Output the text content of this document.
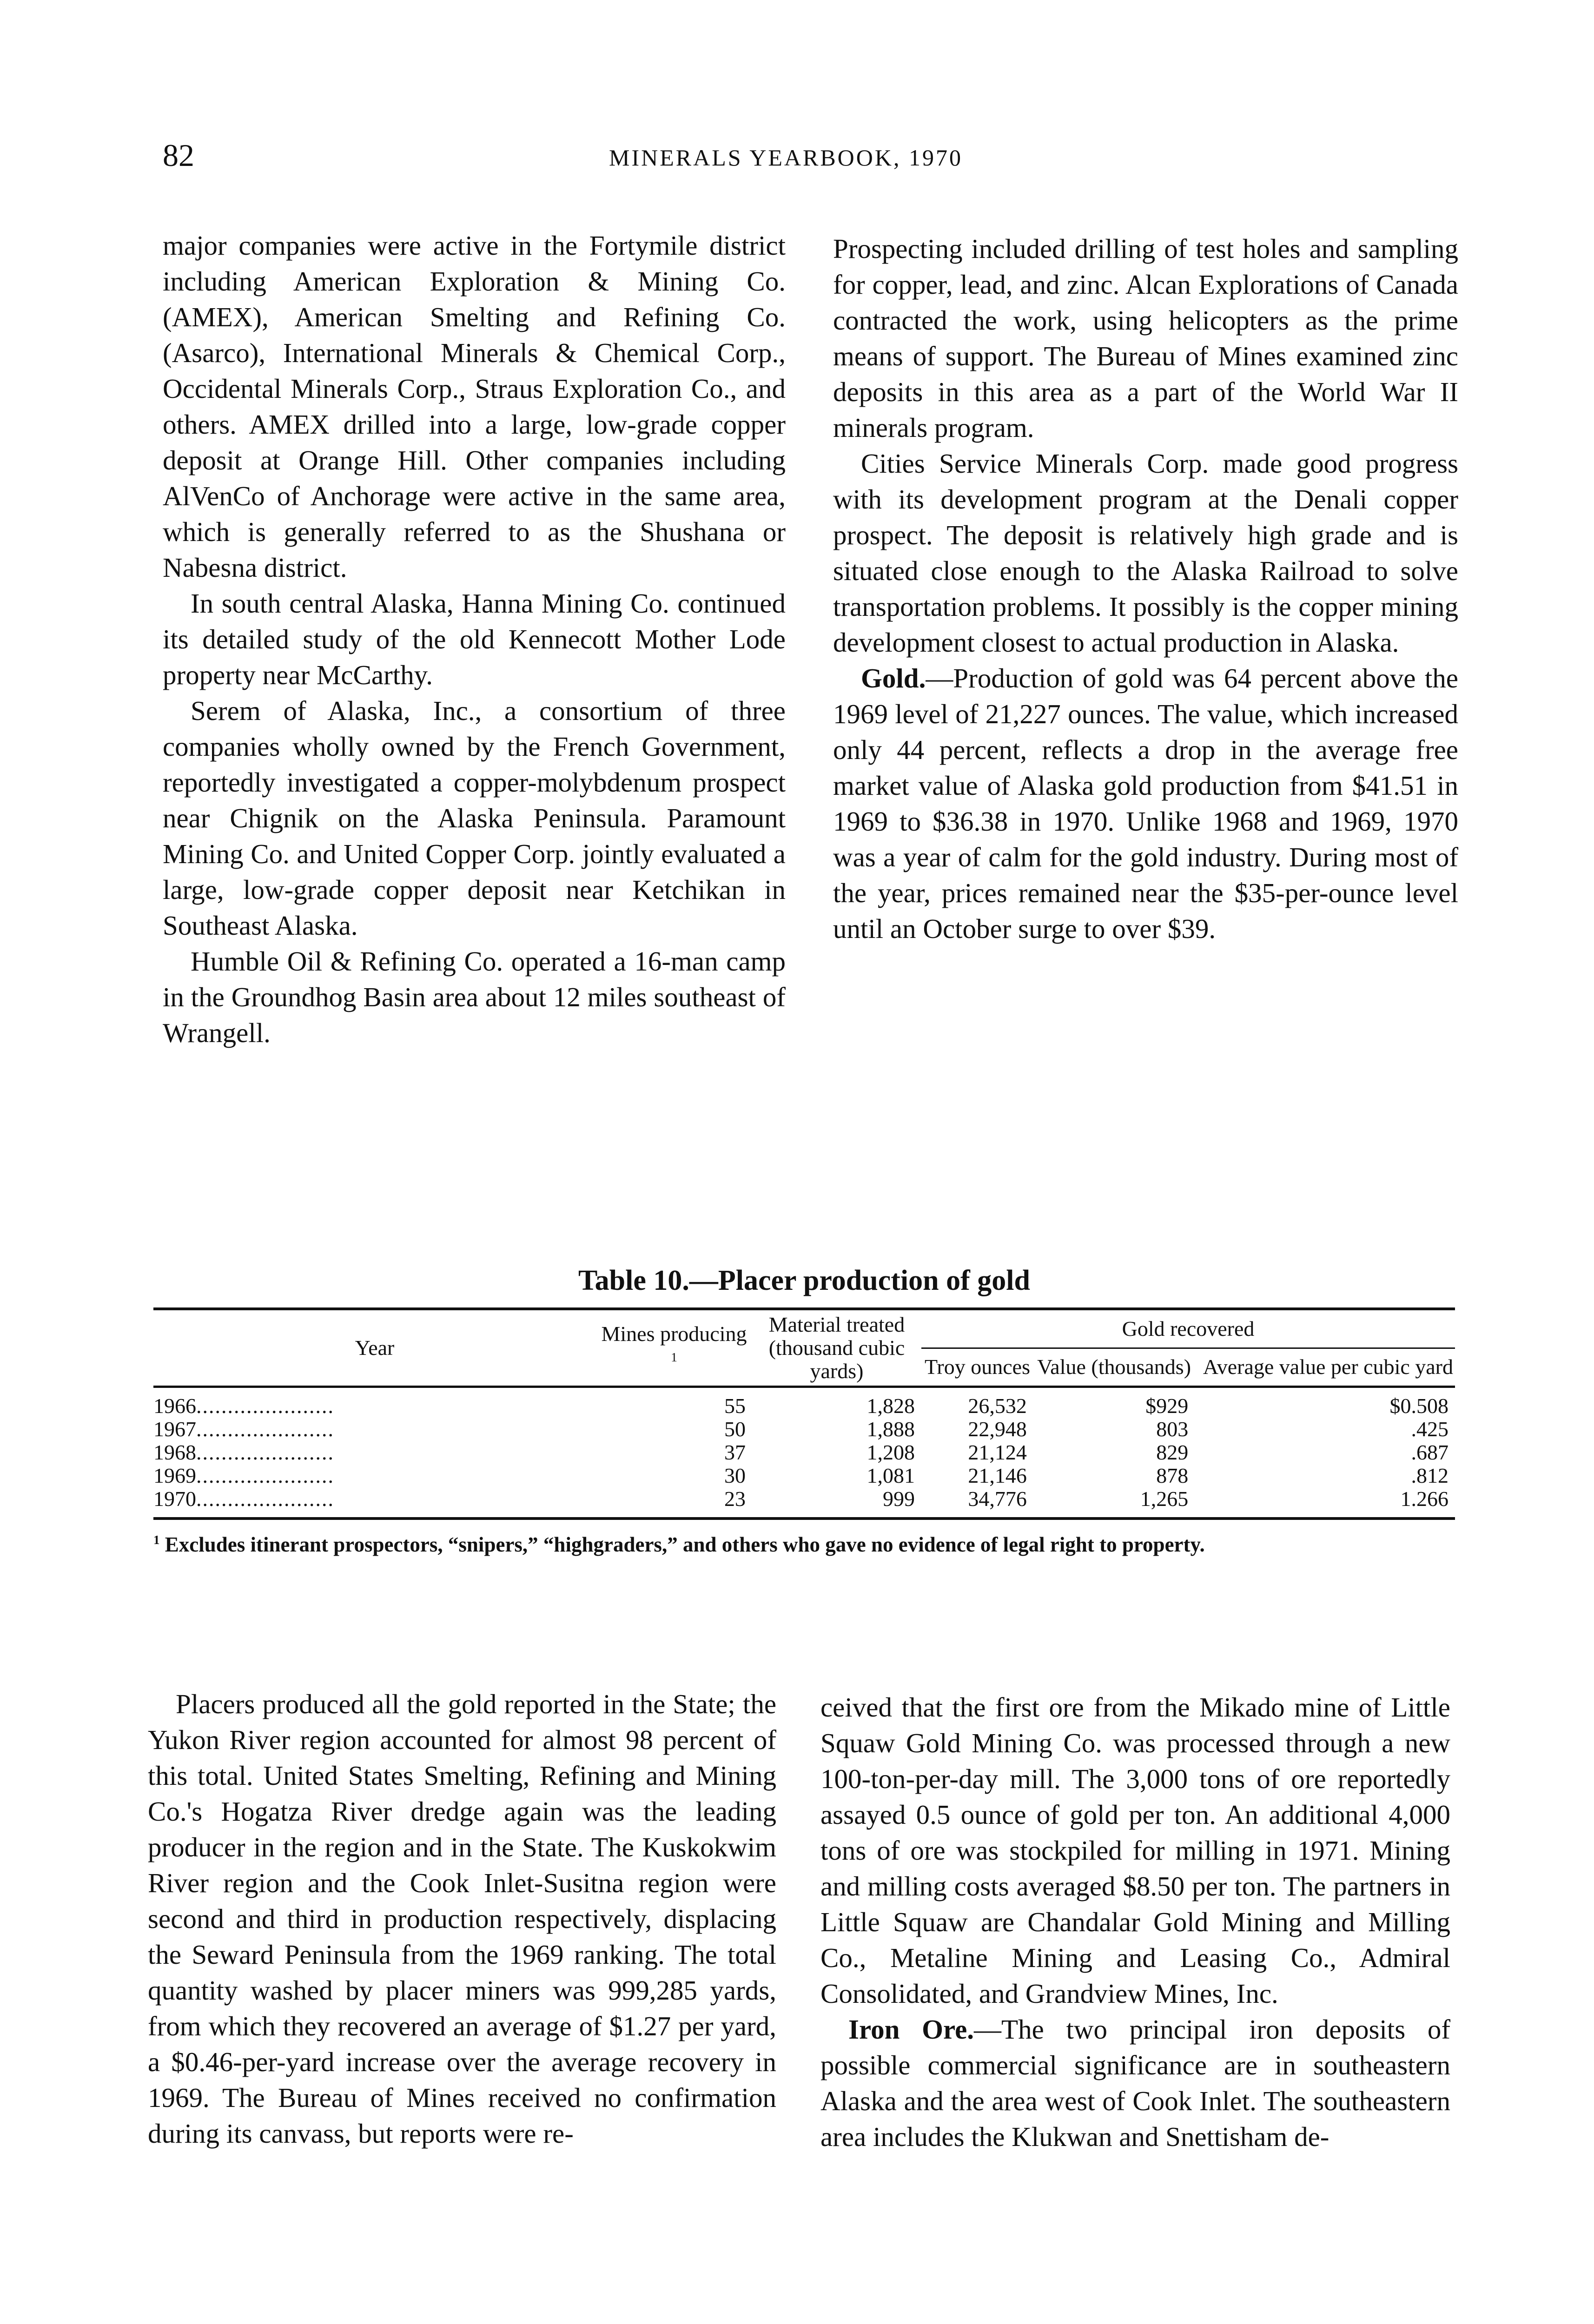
82	MINERALS YEARBOOK, 1970

major companies were active in the Fortymile district including American Exploration & Mining Co. (AMEX), American Smelting and Refining Co. (Asarco), International Minerals & Chemical Corp., Occidental Minerals Corp., Straus Exploration Co., and others. AMEX drilled into a large, low-grade copper deposit at Orange Hill. Other companies including AlVenCo of Anchorage were active in the same area, which is generally referred to as the Shushana or Nabesna district.

In south central Alaska, Hanna Mining Co. continued its detailed study of the old Kennecott Mother Lode property near McCarthy.

Serem of Alaska, Inc., a consortium of three companies wholly owned by the French Government, reportedly investigated a copper-molybdenum prospect near Chignik on the Alaska Peninsula. Paramount Mining Co. and United Copper Corp. jointly evaluated a large, low-grade copper deposit near Ketchikan in Southeast Alaska.

Humble Oil & Refining Co. operated a 16-man camp in the Groundhog Basin area about 12 miles southeast of Wrangell.

Prospecting included drilling of test holes and sampling for copper, lead, and zinc. Alcan Explorations of Canada contracted the work, using helicopters as the prime means of support. The Bureau of Mines examined zinc deposits in this area as a part of the World War II minerals program.

Cities Service Minerals Corp. made good progress with its development program at the Denali copper prospect. The deposit is relatively high grade and is situated close enough to the Alaska Railroad to solve transportation problems. It possibly is the copper mining development closest to actual production in Alaska.

Gold.—Production of gold was 64 percent above the 1969 level of 21,227 ounces. The value, which increased only 44 percent, reflects a drop in the average free market value of Alaska gold production from $41.51 in 1969 to $36.38 in 1970. Unlike 1968 and 1969, 1970 was a year of calm for the gold industry. During most of the year, prices remained near the $35-per-ounce level until an October surge to over $39.

Table 10.—Placer production of gold
Year	Mines producing $^1$	Material treated (thousand cubic yards)	Gold recovered		
			Troy ounces	Value (thousands)	Average value per cubic yard
1966......................	55	1,828	26,532	$929	$0.508
1967......................	50	1,888	22,948	803	.425
1968......................	37	1,208	21,124	829	.687
1969......................	30	1,081	21,146	878	.812
1970......................	23	999	34,776	1,265	1.266
$^1$ Excludes itinerant prospectors, “snipers,” “highgraders,” and others who gave no evidence of legal right to property.

Placers produced all the gold reported in the State; the Yukon River region accounted for almost 98 percent of this total. United States Smelting, Refining and Mining Co.'s Hogatza River dredge again was the leading producer in the region and in the State. The Kuskokwim River region and the Cook Inlet-Susitna region were second and third in production respectively, displacing the Seward Peninsula from the 1969 ranking. The total quantity washed by placer miners was 999,285 yards, from which they recovered an average of $1.27 per yard, a $0.46-per-yard increase over the average recovery in 1969. The Bureau of Mines received no confirmation during its canvass, but reports were re-

ceived that the first ore from the Mikado mine of Little Squaw Gold Mining Co. was processed through a new 100-ton-per-day mill. The 3,000 tons of ore reportedly assayed 0.5 ounce of gold per ton. An additional 4,000 tons of ore was stockpiled for milling in 1971. Mining and milling costs averaged $8.50 per ton. The partners in Little Squaw are Chandalar Gold Mining and Milling Co., Metaline Mining and Leasing Co., Admiral Consolidated, and Grandview Mines, Inc.

Iron Ore.—The two principal iron deposits of possible commercial significance are in southeastern Alaska and the area west of Cook Inlet. The southeastern area includes the Klukwan and Snettisham de-
